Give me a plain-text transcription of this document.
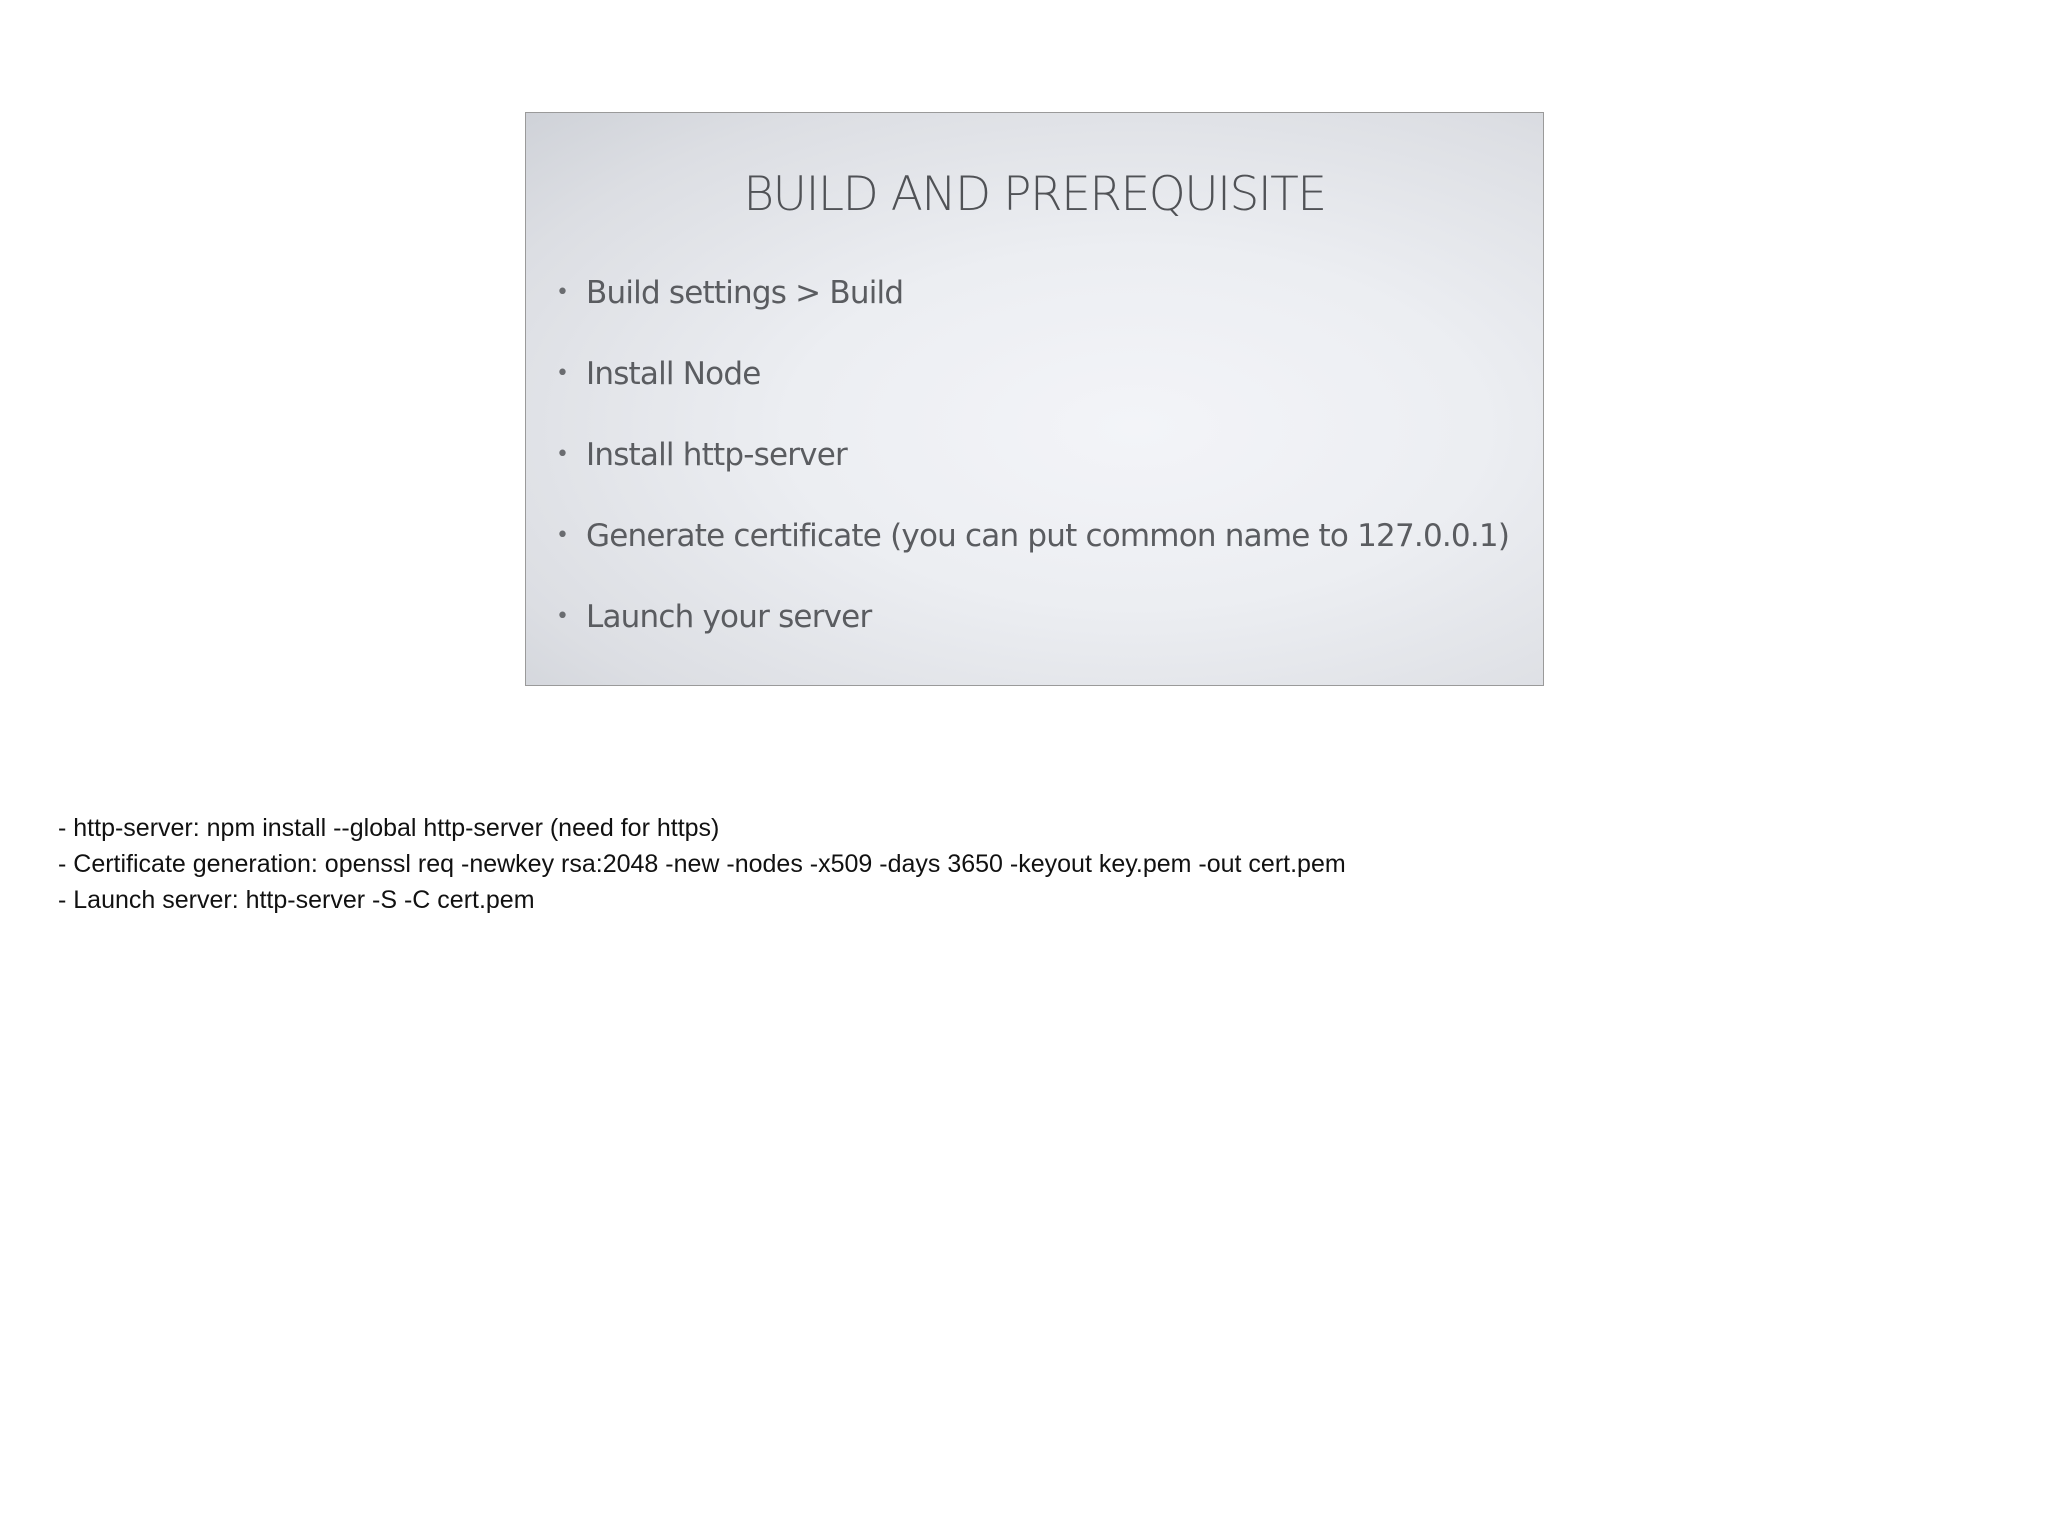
BUILD AND PREREQUISITE
• Build settings > Build
• Install Node
• Install http-server
• Generate certificate (you can put common name to 127.0.0.1)
• Launch your server
- http-server: npm install --global http-server (need for https)
- Certificate generation: openssl req -newkey rsa:2048 -new -nodes -x509 -days 3650 -keyout key.pem -out cert.pem
- Launch server: http-server -S -C cert.pem
